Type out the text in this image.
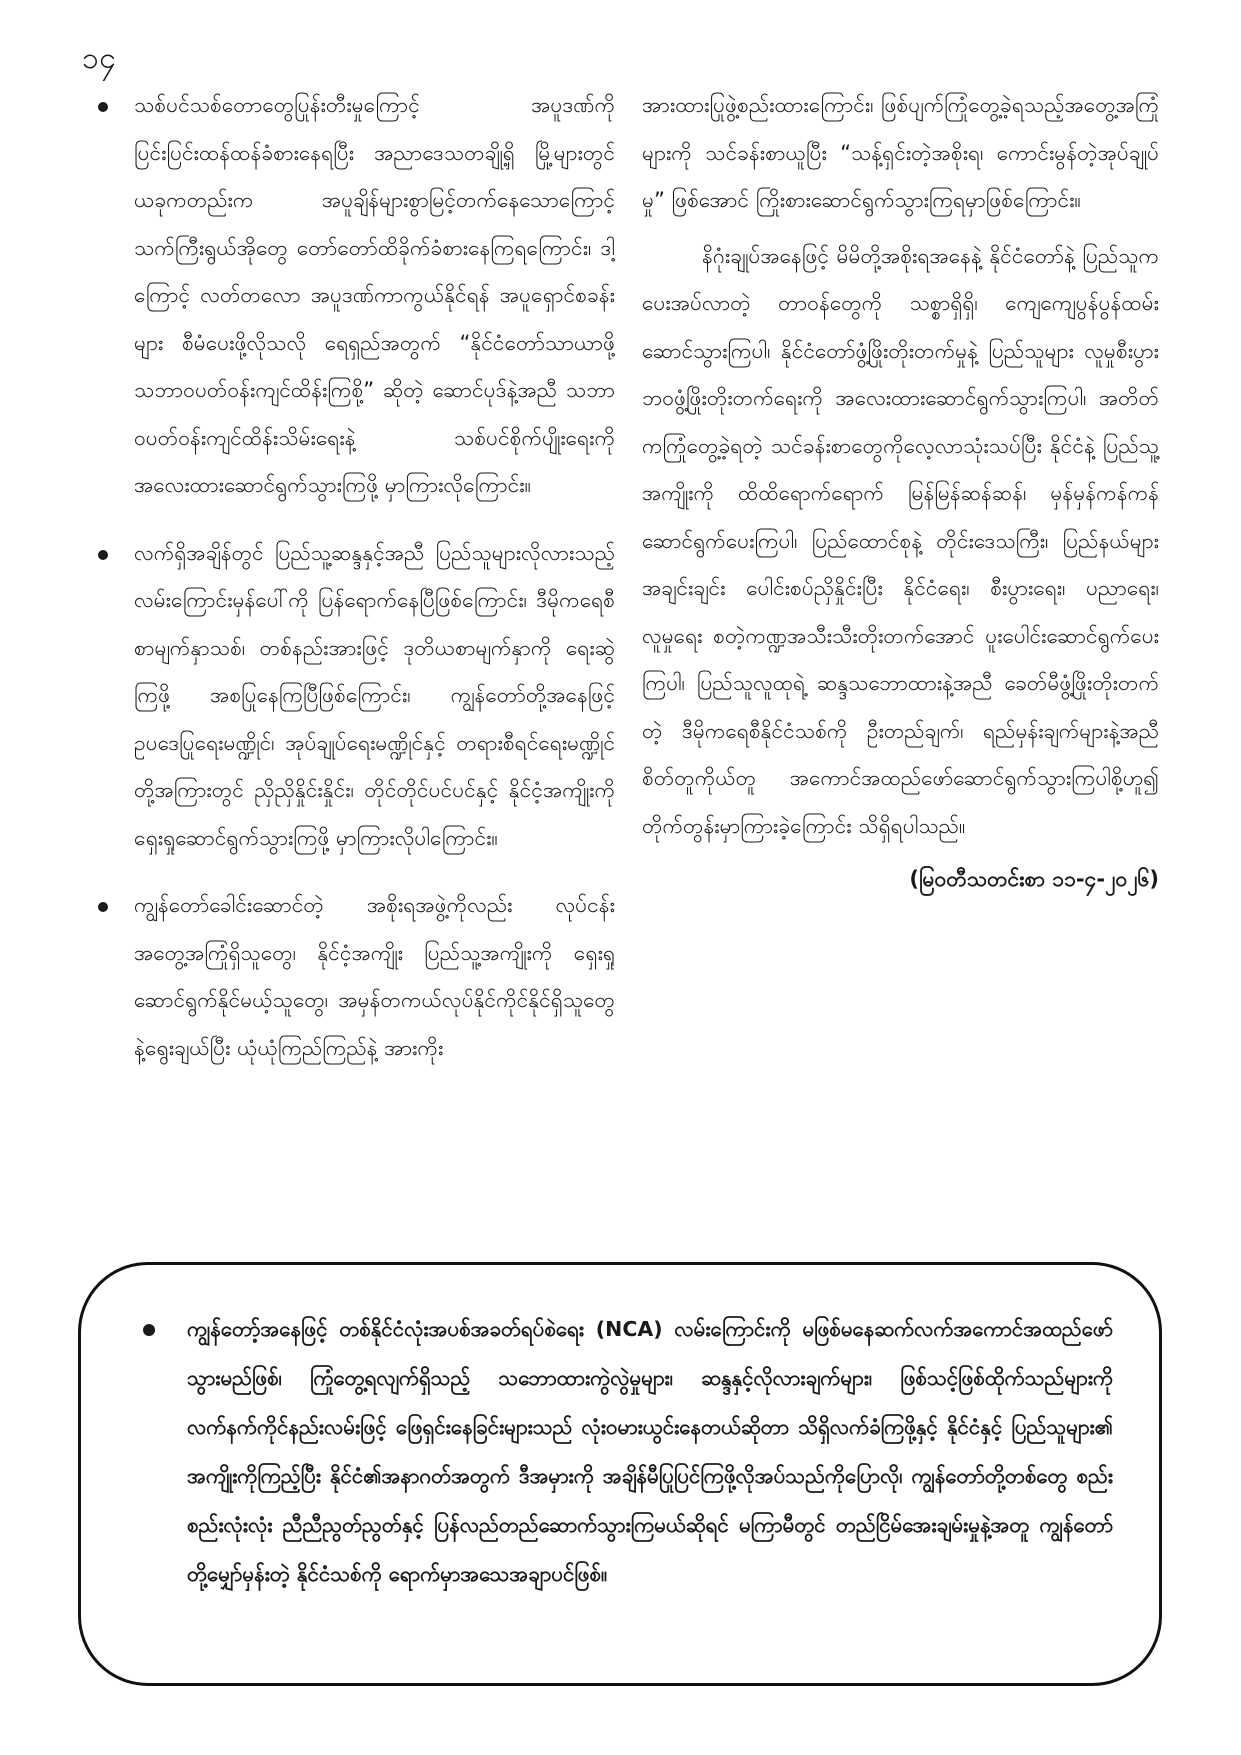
၁၄
သစ်ပင်သစ်တောတွေပြုန်းတီးမှုကြောင့် အပူဒဏ်ကို ပြင်းပြင်းထန်ထန်ခံစားနေရပြီး အညာဒေသတချို့ရှိ မြို့များတွင် ယခုကတည်းက အပူချိန်များစွာမြင့်တက်နေသောကြောင့် သက်ကြီးရွယ်အိုတွေ တော်တော်ထိခိုက်ခံစားနေကြရကြောင်း၊ ဒါ့ကြောင့် လတ်တလော အပူဒဏ်ကာကွယ်နိုင်ရန် အပူရှောင်စခန်းများ စီမံပေးဖို့လိုသလို ရေရှည်အတွက် “နိုင်ငံတော်သာယာဖို့ သဘာဝပတ်ဝန်းကျင်ထိန်းကြစို့” ဆိုတဲ့ ဆောင်ပုဒ်နဲ့အညီ သဘာဝပတ်ဝန်းကျင်ထိန်းသိမ်းရေးနဲ့ သစ်ပင်စိုက်ပျိုးရေးကို အလေးထားဆောင်ရွက်သွားကြဖို့ မှာကြားလိုကြောင်း။
လက်ရှိအချိန်တွင် ပြည်သူ့ဆန္ဒနှင့်အညီ ပြည်သူများလိုလားသည့်လမ်းကြောင်းမှန်ပေါ်ကို ပြန်ရောက်နေပြီဖြစ်ကြောင်း၊ ဒီမိုကရေစီစာမျက်နှာသစ်၊ တစ်နည်းအားဖြင့် ဒုတိယစာမျက်နှာကို ရေးဆွဲကြဖို့ အစပြုနေကြပြီဖြစ်ကြောင်း၊ ကျွန်တော်တို့အနေဖြင့် ဥပဒေပြုရေးမဏ္ဍိုင်၊ အုပ်ချုပ်ရေးမဏ္ဍိုင်နှင့် တရားစီရင်ရေးမဏ္ဍိုင်တို့အကြားတွင် ညှိညှိနှိုင်းနှိုင်း၊ တိုင်တိုင်ပင်ပင်နှင့် နိုင်ငံ့အကျိုးကို ရှေးရှုဆောင်ရွက်သွားကြဖို့ မှာကြားလိုပါကြောင်း။
ကျွန်တော်ခေါင်းဆောင်တဲ့ အစိုးရအဖွဲ့ကိုလည်း လုပ်ငန်းအတွေ့အကြုံရှိသူတွေ၊ နိုင်ငံ့အကျိုး ပြည်သူ့အကျိုးကို ရှေးရှုဆောင်ရွက်နိုင်မယ့်သူတွေ၊ အမှန်တကယ်လုပ်နိုင်ကိုင်နိုင်ရှိသူတွေနဲ့ရွေးချယ်ပြီး ယုံယုံကြည်ကြည်နဲ့ အားကိုး

အားထားပြုဖွဲ့စည်းထားကြောင်း၊ ဖြစ်ပျက်ကြုံတွေ့ခဲ့ရသည့်အတွေ့အကြုံများကို သင်ခန်းစာယူပြီး “သန့်ရှင်းတဲ့အစိုးရ၊ ကောင်းမွန်တဲ့အုပ်ချုပ်မှု” ဖြစ်အောင် ကြိုးစားဆောင်ရွက်သွားကြရမှာဖြစ်ကြောင်း။

နိဂုံးချုပ်အနေဖြင့် မိမိတို့အစိုးရအနေနဲ့ နိုင်ငံတော်နဲ့ ပြည်သူကပေးအပ်လာတဲ့ တာဝန်တွေကို သစ္စာရှိရှိ၊ ကျေကျေပွန်ပွန်ထမ်းဆောင်သွားကြပါ၊ နိုင်ငံတော်ဖွံ့ဖြိုးတိုးတက်မှုနဲ့ ပြည်သူများ လူမှုစီးပွားဘဝဖွံ့ဖြိုးတိုးတက်ရေးကို အလေးထားဆောင်ရွက်သွားကြပါ၊ အတိတ်ကကြုံတွေ့ခဲ့ရတဲ့ သင်ခန်းစာတွေကိုလေ့လာသုံးသပ်ပြီး နိုင်ငံနဲ့ ပြည်သူ့အကျိုးကို ထိထိရောက်ရောက် မြန်မြန်ဆန်ဆန်၊ မှန်မှန်ကန်ကန် ဆောင်ရွက်ပေးကြပါ၊ ပြည်ထောင်စုနဲ့ တိုင်းဒေသကြီး၊ ပြည်နယ်များ အချင်းချင်း ပေါင်းစပ်ညှိနှိုင်းပြီး နိုင်ငံရေး၊ စီးပွားရေး၊ ပညာရေး၊ လူမှုရေး စတဲ့ကဏ္ဍအသီးသီးတိုးတက်အောင် ပူးပေါင်းဆောင်ရွက်ပေးကြပါ၊ ပြည်သူလူထုရဲ့ ဆန္ဒသဘောထားနဲ့အညီ ခေတ်မီဖွံ့ဖြိုးတိုးတက်တဲ့ ဒီမိုကရေစီနိုင်ငံသစ်ကို ဦးတည်ချက်၊ ရည်မှန်းချက်များနဲ့အညီ စိတ်တူကိုယ်တူ အကောင်အထည်ဖော်ဆောင်ရွက်သွားကြပါစို့ဟူ၍ တိုက်တွန်းမှာကြားခဲ့ကြောင်း သိရှိရပါသည်။

(မြဝတီသတင်းစာ ၁၁-၄-၂၀၂၆)

ကျွန်တော့်အနေဖြင့် တစ်နိုင်ငံလုံးအပစ်အခတ်ရပ်စဲရေး (NCA) လမ်းကြောင်းကို မဖြစ်မနေဆက်လက်အကောင်အထည်ဖော်သွားမည်ဖြစ်၊ ကြုံတွေ့ရလျက်ရှိသည့် သဘောထားကွဲလွဲမှုများ၊ ဆန္ဒနှင့်လိုလားချက်များ၊ ဖြစ်သင့်ဖြစ်ထိုက်သည်များကို လက်နက်ကိုင်နည်းလမ်းဖြင့် ဖြေရှင်းနေခြင်းများသည် လုံးဝမားယွင်းနေတယ်ဆိုတာ သိရှိလက်ခံကြဖို့နှင့် နိုင်ငံနှင့် ပြည်သူများ၏ အကျိုးကိုကြည့်ပြီး နိုင်ငံ၏အနာဂတ်အတွက် ဒီအမှားကို အချိန်မီပြုပြင်ကြဖို့လိုအပ်သည်ကိုပြောလို၊ ကျွန်တော်တို့တစ်တွေ စည်းစည်းလုံးလုံး ညီညီညွတ်ညွတ်နှင့် ပြန်လည်တည်ဆောက်သွားကြမယ်ဆိုရင် မကြာမီတွင် တည်ငြိမ်အေးချမ်းမှုနဲ့အတူ ကျွန်တော်တို့မျှော်မှန်းတဲ့ နိုင်ငံသစ်ကို ရောက်မှာအသေအချာပင်ဖြစ်။
